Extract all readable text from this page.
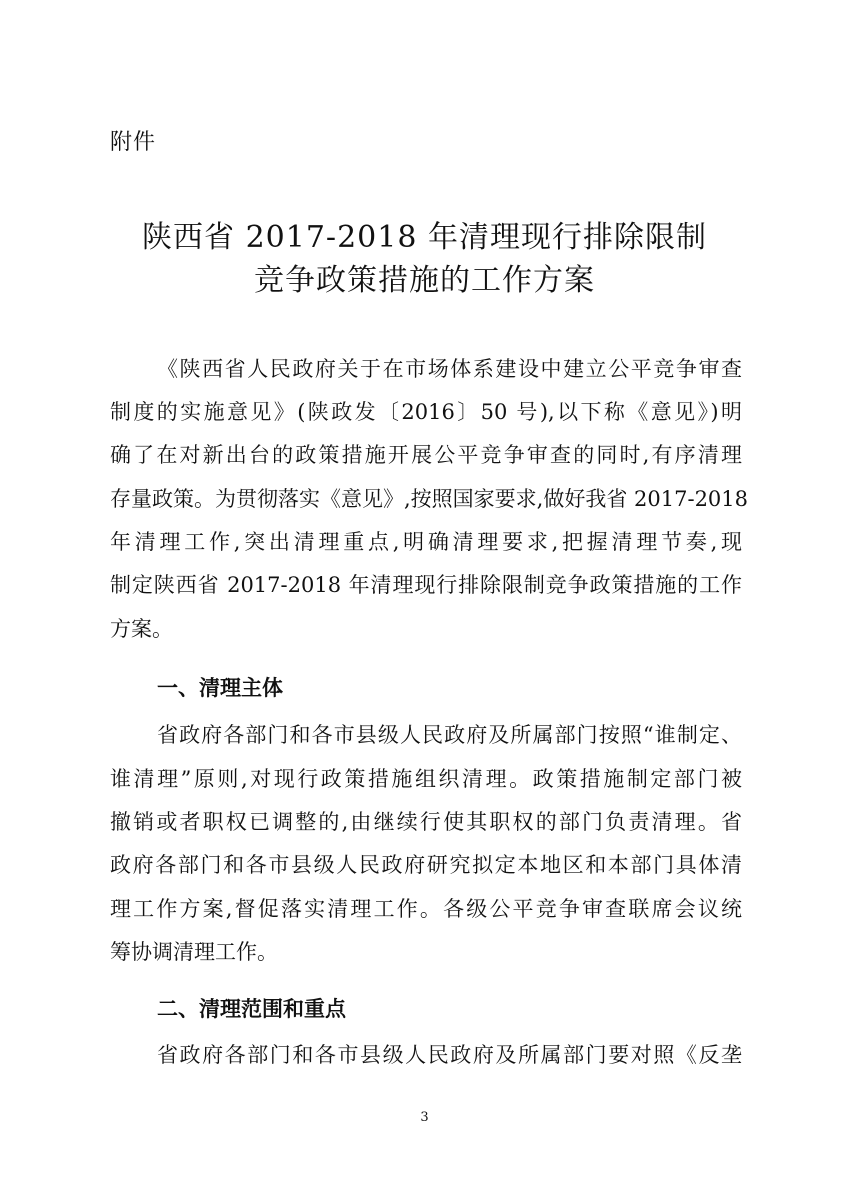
附件
陕西省 2017-2018 年清理现行排除限制
竞争政策措施的工作方案
《陕西省人民政府关于在市场体系建设中建立公平竞争审查
制度的实施意见》(陕政发〔2016〕50 号),以下称《意见》)明
确了在对新出台的政策措施开展公平竞争审查的同时,有序清理
存量政策。为贯彻落实《意见》,按照国家要求,做好我省 2017-2018
年清理工作,突出清理重点,明确清理要求,把握清理节奏,现
制定陕西省 2017-2018 年清理现行排除限制竞争政策措施的工作
方案。
一、清理主体
省政府各部门和各市县级人民政府及所属部门按照“谁制定、
谁清理”原则,对现行政策措施组织清理。政策措施制定部门被
撤销或者职权已调整的,由继续行使其职权的部门负责清理。省
政府各部门和各市县级人民政府研究拟定本地区和本部门具体清
理工作方案,督促落实清理工作。各级公平竞争审查联席会议统
筹协调清理工作。
二、清理范围和重点
省政府各部门和各市县级人民政府及所属部门要对照《反垄
3
